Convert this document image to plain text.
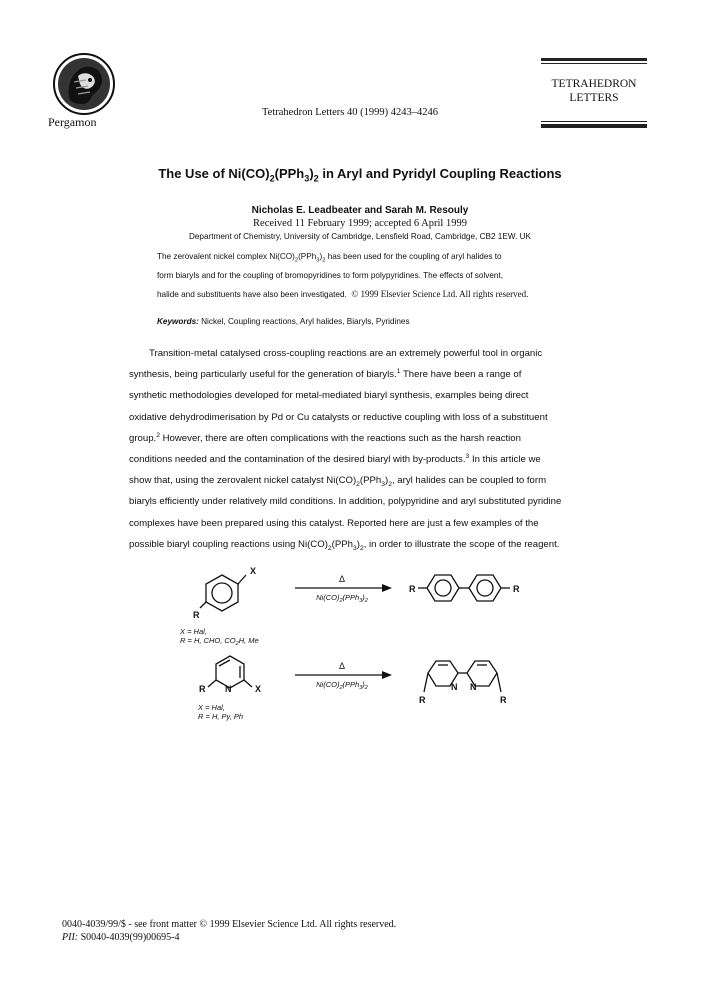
Pergamon
Tetrahedron Letters 40 (1999) 4243–4246
TETRAHEDRON
LETTERS
The Use of $Ni(CO)_2(PPh_3)_2$ in Aryl and Pyridyl Coupling Reactions
Nicholas E. Leadbeater and Sarah M. Resouly
Received 11 February 1999; accepted 6 April 1999
Department of Chemistry, University of Cambridge, Lensfield Road, Cambridge, CB2 1EW. UK
The zerovalent nickel complex $Ni(CO)_2(PPh_3)_2$ has been used for the coupling of aryl halides to
form biaryls and for the coupling of bromopyridines to form polypyridines. The effects of solvent,
halide and substituents have also been investigated. © 1999 Elsevier Science Ltd. All rights reserved.
Keywords: Nickel, Coupling reactions, Aryl halides, Biaryls, Pyridines
Transition-metal catalysed cross-coupling reactions are an extremely powerful tool in organic
synthesis, being particularly useful for the generation of biaryls.$^1$ There have been a range of
synthetic methodologies developed for metal-mediated biaryl synthesis, examples being direct
oxidative dehydrodimerisation by Pd or Cu catalysts or reductive coupling with loss of a substituent
group.$^2$ However, there are often complications with the reactions such as the harsh reaction
conditions needed and the contamination of the desired biaryl with by-products.$^3$ In this article we
show that, using the zerovalent nickel catalyst $Ni(CO)_2(PPh_3)_2$, aryl halides can be coupled to form
biaryls efficiently under relatively mild conditions. In addition, polypyridine and aryl substituted pyridine
complexes have been prepared using this catalyst. Reported here are just a few examples of the
possible biaryl coupling reactions using $Ni(CO)_2(PPh_3)_2$, in order to illustrate the scope of the reagent.
X
R
Δ
$Ni(CO)_2(PPh_3)_2$
R	R
X = Hal,
R = H, CHO, $CO_2H$, Me
R N	X
Δ
$Ni(CO)_2(PPh_3)_2$	N N
R	R
X = Hal,
R = H, Py, Ph
0040-4039/99/$ - see front matter © 1999 Elsevier Science Ltd. All rights reserved.
PII: S0040-4039(99)00695-4
